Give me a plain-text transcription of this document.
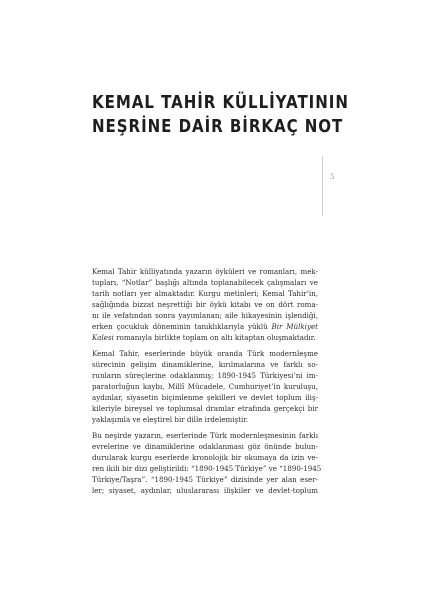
KEMAL TAHİR KÜLLİYATININ
NEŞRİNE DAİR BİRKAÇ NOT
5
Kemal Tahir külliyatında yazarın öyküleri ve romanları, mek-
tupları, “Notlar” başlığı altında toplanabilecek çalışmaları ve
tarih notları yer almaktadır. Kurgu metinleri; Kemal Tahir’in,
sağlığında bizzat neşrettiği bir öykü kitabı ve on dört roma-
nı ile vefatından sonra yayımlanan; aile hikayesinin işlendiği,
erken çocukluk döneminin tanıklıklarıyla yüklü Bir Mülkiyet
Kalesi romanıyla birlikte toplam on altı kitaptan oluşmaktadır.
Kemal Tahir, eserlerinde büyük oranda Türk modernleşme
sürecinin gelişim dinamiklerine, kırılmalarına ve farklı so-
runların süreçlerine odaklanmış; 1890-1945 Türkiyesi’ni im-
paratorluğun kaybı, Millî Mücadele, Cumhuriyet’in kuruluşu,
aydınlar, siyasetin biçimlenme şekilleri ve devlet toplum iliş-
kileriyle bireysel ve toplumsal dramlar etrafında gerçekçi bir
yaklaşımla ve eleştirel bir dille irdelemiştir.
Bu neşirde yazarın, eserlerinde Türk modernleşmesinin farklı
evrelerine ve dinamiklerine odaklanması göz önünde bulun-
durularak kurgu eserlerde kronolojik bir okumaya da izin ve-
ren ikili bir dizi geliştirildi: “1890-1945 Türkiye” ve “1890-1945
Türkiye/Taşra”. “1890-1945 Türkiye” dizisinde yer alan eser-
ler; siyaset, aydınlar, uluslararası ilişkiler ve devlet-toplum
